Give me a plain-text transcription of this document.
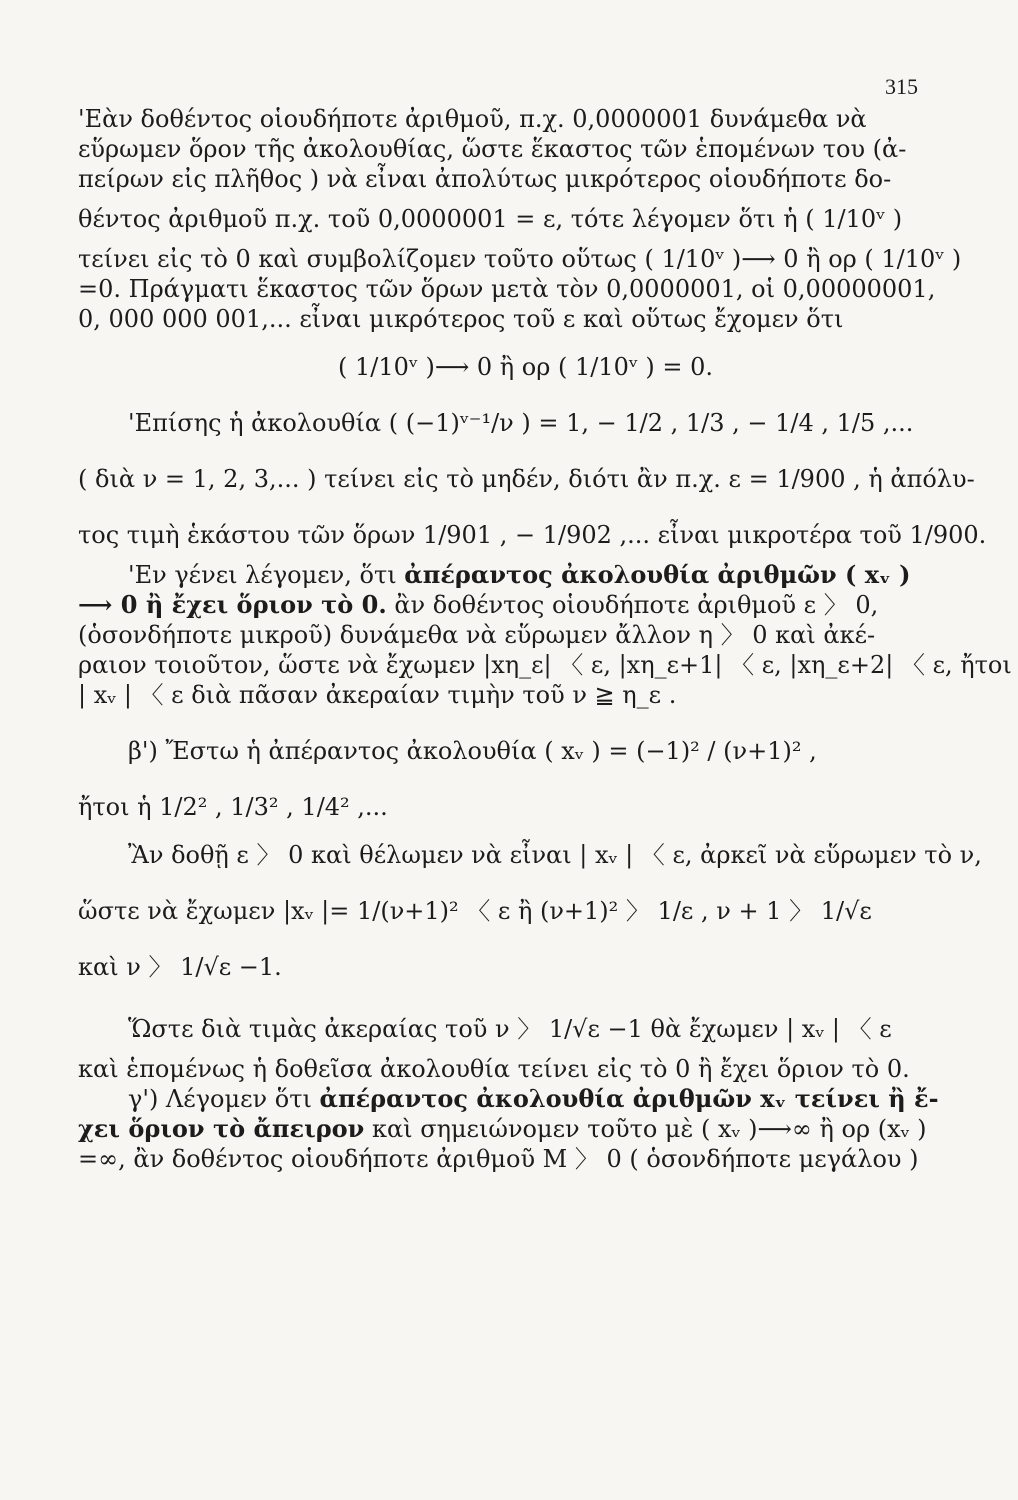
315

'Εὰν δοθέντος οἱουδήποτε ἀριθμοῦ, π.χ. 0,0000001 δυνάμεθα νὰ

εὕρωμεν ὅρον τῆς ἀκολουθίας, ὥστε ἕκαστος τῶν ἑπομένων του (ἀ-

πείρων εἰς πλῆθος ) νὰ εἶναι ἀπολύτως μικρότερος οἱουδήποτε δο-

θέντος ἀριθμοῦ π.χ. τοῦ 0,0000001 = ε, τότε λέγομεν ὅτι ἡ ( 1/10ᵛ )

τείνει εἰς τὸ 0 καὶ συμβολίζομεν τοῦτο οὕτως ( 1/10ᵛ )⟶ 0 ἢ ορ ( 1/10ᵛ )

=0. Πράγματι ἕκαστος τῶν ὅρων μετὰ τὸν 0,0000001, οἱ 0,00000001,

0, 000 000 001,... εἶναι μικρότερος τοῦ ε καὶ οὕτως ἔχομεν ὅτι

( 1/10ᵛ )⟶ 0 ἢ ορ ( 1/10ᵛ ) = 0.

'Επίσης ἡ ἀκολουθία ( (−1)ᵛ⁻¹/ν ) = 1, − 1/2 , 1/3 , − 1/4 , 1/5 ,...

( διὰ ν = 1, 2, 3,... ) τείνει εἰς τὸ μηδέν, διότι ἂν π.χ. ε = 1/900 , ἡ ἀπόλυ-

τος τιμὴ ἑκάστου τῶν ὅρων 1/901 , − 1/902 ,... εἶναι μικροτέρα τοῦ 1/900.

'Εν γένει λέγομεν, ὅτι ἀπέραντος ἀκολουθία ἀριθμῶν ( xᵥ )

⟶ 0 ἢ ἔχει ὅριον τὸ 0. ἂν δοθέντος οἱουδήποτε ἀριθμοῦ ε 〉 0,

(ὁσονδήποτε μικροῦ) δυνάμεθα νὰ εὕρωμεν ἄλλον η 〉 0 καὶ ἀκέ-

ραιον τοιοῦτον, ὥστε νὰ ἔχωμεν |xη_ε| 〈 ε, |xη_ε+1| 〈 ε, |xη_ε+2| 〈 ε, ἤτοι

| xᵥ | 〈 ε διὰ πᾶσαν ἀκεραίαν τιμὴν τοῦ ν ≧ η_ε .

β') Ἔστω ἡ ἀπέραντος ἀκολουθία ( xᵥ ) = (−1)² / (ν+1)² ,

ἤτοι ἡ 1/2² , 1/3² , 1/4² ,...

Ἂν δοθῇ ε 〉 0 καὶ θέλωμεν νὰ εἶναι | xᵥ | 〈 ε, ἀρκεῖ νὰ εὕρωμεν τὸ ν,

ὥστε νὰ ἔχωμεν |xᵥ |= 1/(ν+1)² 〈 ε ἢ (ν+1)² 〉 1/ε , ν + 1 〉 1/√ε

καὶ ν 〉 1/√ε −1.

Ὥστε διὰ τιμὰς ἀκεραίας τοῦ ν 〉 1/√ε −1 θὰ ἔχωμεν | xᵥ | 〈 ε

καὶ ἑπομένως ἡ δοθεῖσα ἀκολουθία τείνει εἰς τὸ 0 ἢ ἔχει ὅριον τὸ 0.

γ') Λέγομεν ὅτι ἀπέραντος ἀκολουθία ἀριθμῶν xᵥ τείνει ἢ ἔ-

χει ὅριον τὸ ἄπειρον καὶ σημειώνομεν τοῦτο μὲ ( xᵥ )⟶∞ ἢ ορ (xᵥ )

=∞, ἂν δοθέντος οἱουδήποτε ἀριθμοῦ M 〉 0 ( ὁσονδήποτε μεγάλου )
